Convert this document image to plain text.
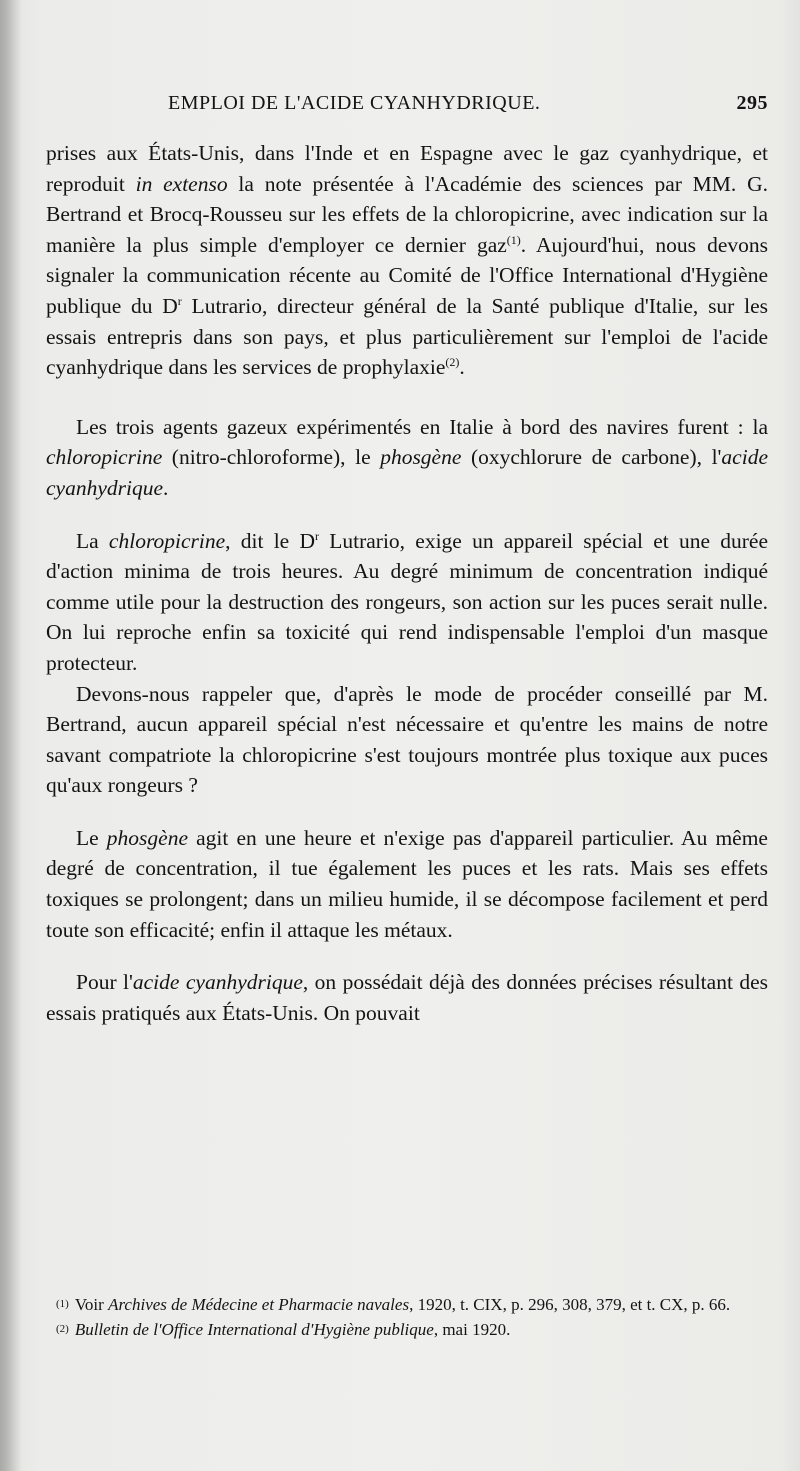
EMPLOI DE L'ACIDE CYANHYDRIQUE.	295

prises aux États-Unis, dans l'Inde et en Espagne avec le gaz cyanhydrique, et reproduit in extenso la note présentée à l'Académie des sciences par MM. G. Bertrand et Brocq-Rousseu sur les effets de la chloropicrine, avec indication sur la manière la plus simple d'employer ce dernier gaz$^{(1)}$. Aujourd'hui, nous devons signaler la communication récente au Comité de l'Office International d'Hygiène publique du $D^r$ Lutrario, directeur général de la Santé publique d'Italie, sur les essais entrepris dans son pays, et plus particulièrement sur l'emploi de l'acide cyanhydrique dans les services de prophylaxie$^{(2)}$.

Les trois agents gazeux expérimentés en Italie à bord des navires furent : la chloropicrine (nitro-chloroforme), le phosgène (oxychlorure de carbone), l'acide cyanhydrique.

La chloropicrine, dit le $D^r$ Lutrario, exige un appareil spécial et une durée d'action minima de trois heures. Au degré minimum de concentration indiqué comme utile pour la destruction des rongeurs, son action sur les puces serait nulle. On lui reproche enfin sa toxicité qui rend indispensable l'emploi d'un masque protecteur.

Devons-nous rappeler que, d'après le mode de procéder conseillé par M. Bertrand, aucun appareil spécial n'est nécessaire et qu'entre les mains de notre savant compatriote la chloropicrine s'est toujours montrée plus toxique aux puces qu'aux rongeurs ?

Le phosgène agit en une heure et n'exige pas d'appareil particulier. Au même degré de concentration, il tue également les puces et les rats. Mais ses effets toxiques se prolongent; dans un milieu humide, il se décompose facilement et perd toute son efficacité; enfin il attaque les métaux.

Pour l'acide cyanhydrique, on possédait déjà des données précises résultant des essais pratiqués aux États-Unis. On pouvait

$^{(1)}$ Voir Archives de Médecine et Pharmacie navales, 1920, t. CIX, p. 296, 308, 379, et t. CX, p. 66.

$^{(2)}$ Bulletin de l'Office International d'Hygiène publique, mai 1920.
